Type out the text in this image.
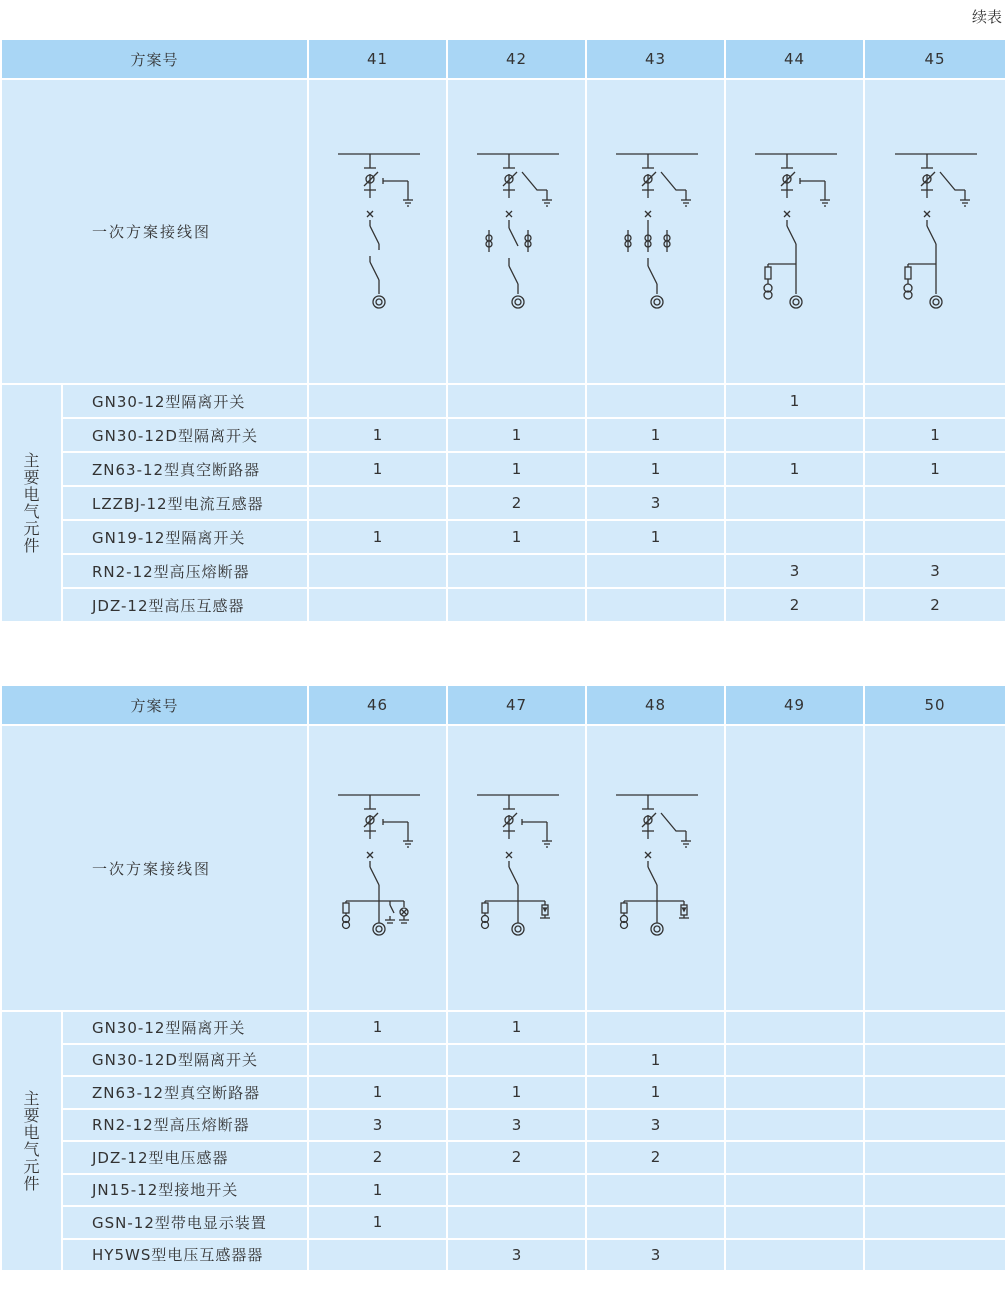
续表
方案号		41	42	43	44	45
一次方案接线图	

主要电气元件	GN30-12型隔离开关				1	
	GN30-12D型隔离开关	1	1	1		1
	ZN63-12型真空断路器	1	1	1	1	1
	LZZBJ-12型电流互感器		2	3		
	GN19-12型隔离开关	1	1	1		
	RN2-12型高压熔断器				3	3
	JDZ-12型高压互感器				2	2
方案号		46	47	48	49	50
一次方案接线图	

主要电气元件	GN30-12型隔离开关	1	1			
	GN30-12D型隔离开关			1		
	ZN63-12型真空断路器	1	1	1		
	RN2-12型高压熔断器	3	3	3		
	JDZ-12型电压感器	2	2	2		
	JN15-12型接地开关	1				
	GSN-12型带电显示装置	1				
	HY5WS型电压互感器器		3	3		
